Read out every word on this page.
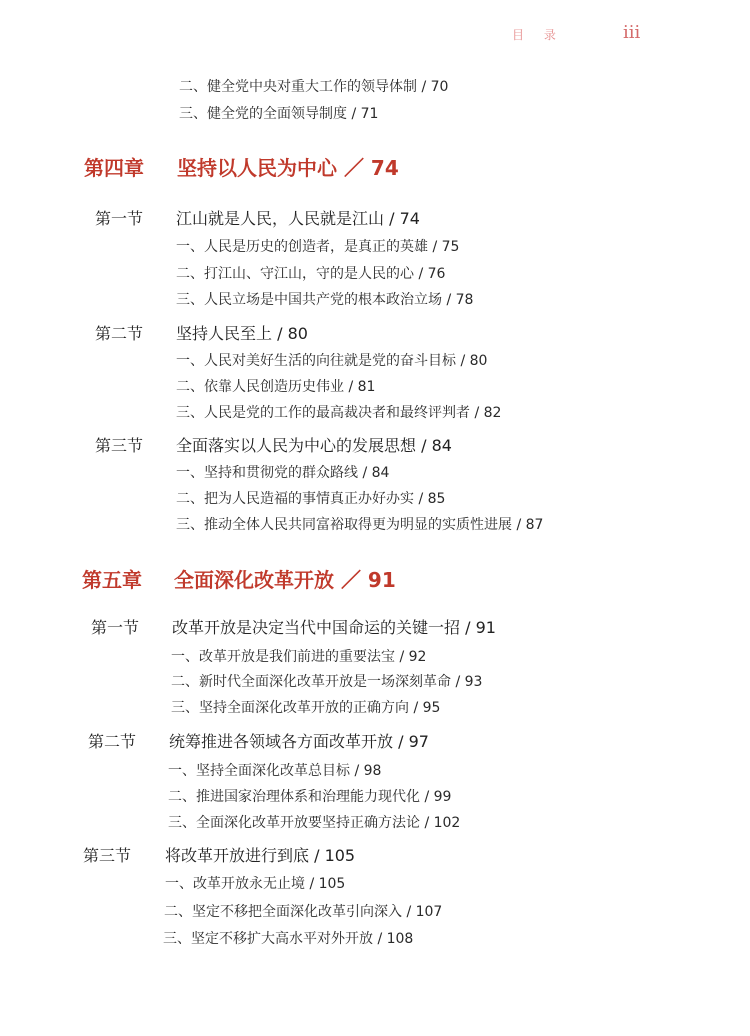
目 录	iii
二、健全党中央对重大工作的领导体制 / 70
三、健全党的全面领导制度 / 71
第四章 坚持以人民为中心 ／ 74
第一节 江山就是人民，人民就是江山 / 74
一、人民是历史的创造者，是真正的英雄 / 75
二、打江山、守江山，守的是人民的心 / 76
三、人民立场是中国共产党的根本政治立场 / 78
第二节 坚持人民至上 / 80
一、人民对美好生活的向往就是党的奋斗目标 / 80
二、依靠人民创造历史伟业 / 81
三、人民是党的工作的最高裁决者和最终评判者 / 82
第三节 全面落实以人民为中心的发展思想 / 84
一、坚持和贯彻党的群众路线 / 84
二、把为人民造福的事情真正办好办实 / 85
三、推动全体人民共同富裕取得更为明显的实质性进展 / 87
第五章 全面深化改革开放 ／ 91
第一节 改革开放是决定当代中国命运的关键一招 / 91
一、改革开放是我们前进的重要法宝 / 92
二、新时代全面深化改革开放是一场深刻革命 / 93
三、坚持全面深化改革开放的正确方向 / 95
第二节 统筹推进各领域各方面改革开放 / 97
一、坚持全面深化改革总目标 / 98
二、推进国家治理体系和治理能力现代化 / 99
三、全面深化改革开放要坚持正确方法论 / 102
第三节 将改革开放进行到底 / 105
一、改革开放永无止境 / 105
二、坚定不移把全面深化改革引向深入 / 107
三、坚定不移扩大高水平对外开放 / 108
